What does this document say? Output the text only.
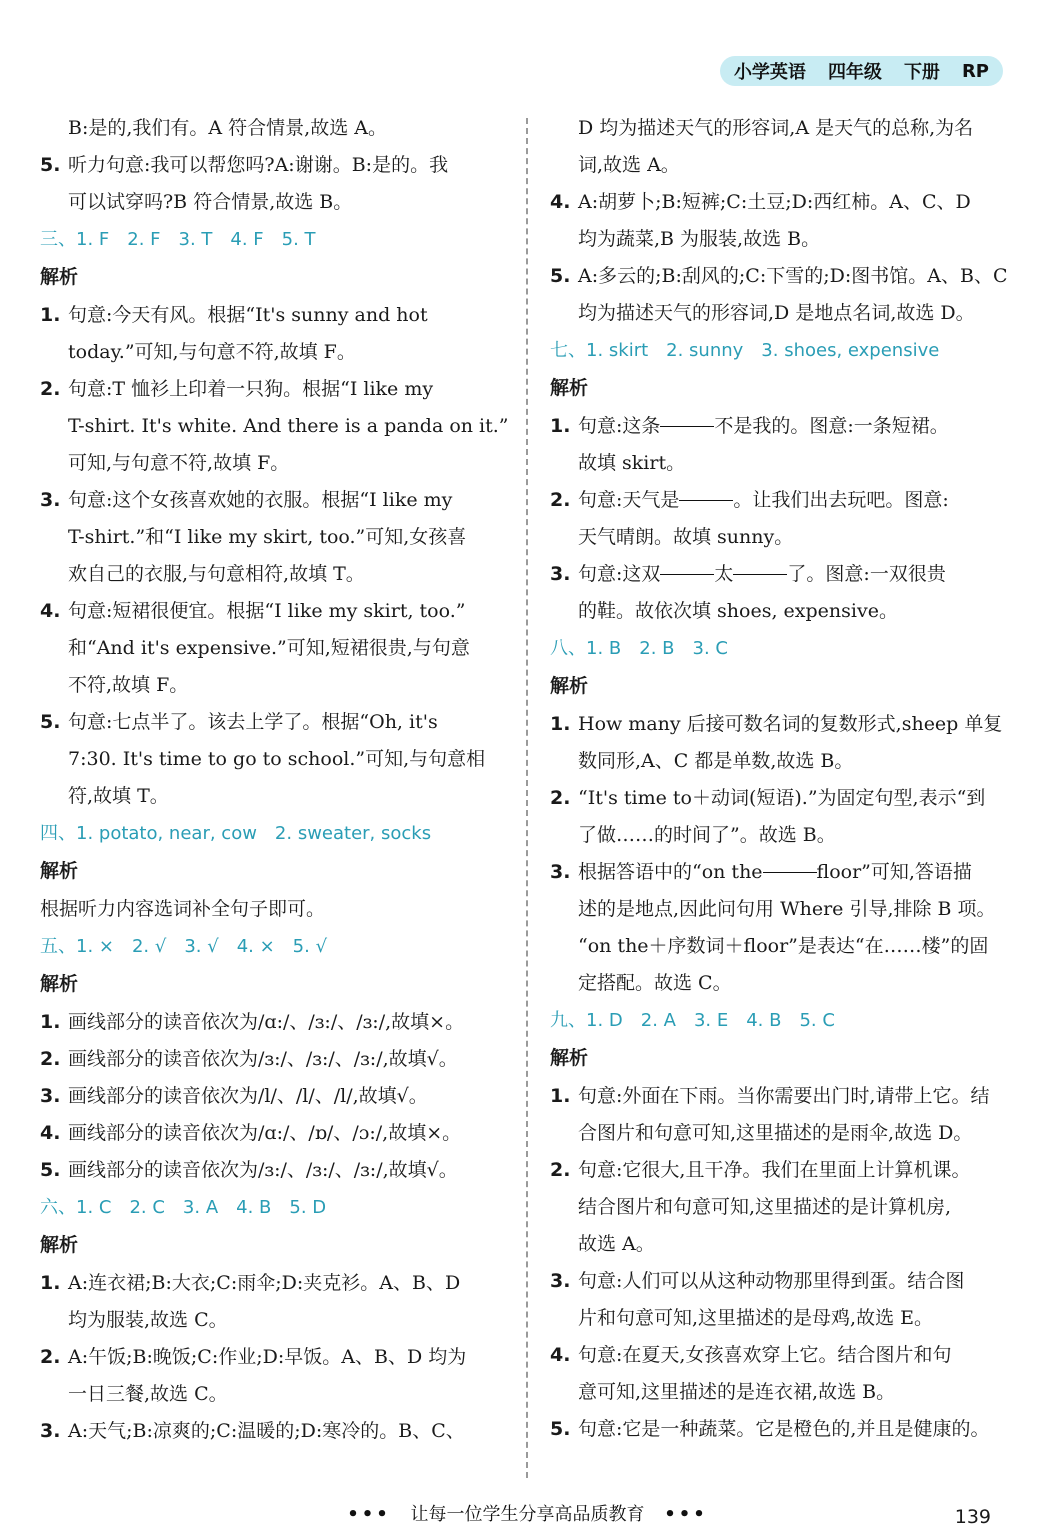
小学英语 四年级 下册 RP
B:是的,我们有。A 符合情景,故选 A。
5. 听力句意:我可以帮您吗?A:谢谢。B:是的。我
可以试穿吗?B 符合情景,故选 B。
三、1. F　2. F　3. T　4. F　5. T
解析
1. 句意:今天有风。根据“It's sunny and hot
today.”可知,与句意不符,故填 F。
2. 句意:T 恤衫上印着一只狗。根据“I like my
T-shirt. It's white. And there is a panda on it.”
可知,与句意不符,故填 F。
3. 句意:这个女孩喜欢她的衣服。根据“I like my
T-shirt.”和“I like my skirt, too.”可知,女孩喜
欢自己的衣服,与句意相符,故填 T。
4. 句意:短裙很便宜。根据“I like my skirt, too.”
和“And it's expensive.”可知,短裙很贵,与句意
不符,故填 F。
5. 句意:七点半了。该去上学了。根据“Oh, it's
7:30. It's time to go to school.”可知,与句意相
符,故填 T。
四、1. potato, near, cow　2. sweater, socks
解析
根据听力内容选词补全句子即可。
五、1. ×　2. √　3. √　4. ×　5. √
解析
1. 画线部分的读音依次为/ɑ:/、/ɜ:/、/ɜ:/,故填×。
2. 画线部分的读音依次为/ɜ:/、/ɜ:/、/ɜ:/,故填√。
3. 画线部分的读音依次为/l/、/l/、/l/,故填√。
4. 画线部分的读音依次为/ɑ:/、/ɒ/、/ɔ:/,故填×。
5. 画线部分的读音依次为/ɜ:/、/ɜ:/、/ɜ:/,故填√。
六、1. C　2. C　3. A　4. B　5. D
解析
1. A:连衣裙;B:大衣;C:雨伞;D:夹克衫。A、B、D
均为服装,故选 C。
2. A:午饭;B:晚饭;C:作业;D:早饭。A、B、D 均为
一日三餐,故选 C。
3. A:天气;B:凉爽的;C:温暖的;D:寒冷的。B、C、
D 均为描述天气的形容词,A 是天气的总称,为名
词,故选 A。
4. A:胡萝卜;B:短裤;C:土豆;D:西红柿。A、C、D
均为蔬菜,B 为服装,故选 B。
5. A:多云的;B:刮风的;C:下雪的;D:图书馆。A、B、C
均为描述天气的形容词,D 是地点名词,故选 D。
七、1. skirt　2. sunny　3. shoes, expensive
解析
1. 句意:这条	不是我的。图意:一条短裙。
故填 skirt。
2. 句意:天气是	。让我们出去玩吧。图意:
天气晴朗。故填 sunny。
3. 句意:这双	太	了。图意:一双很贵
的鞋。故依次填 shoes, expensive。
八、1. B　2. B　3. C
解析
1. How many 后接可数名词的复数形式,sheep 单复
数同形,A、C 都是单数,故选 B。
2. “It's time to＋动词(短语).”为固定句型,表示“到
了做……的时间了”。故选 B。
3. 根据答语中的“on the	floor”可知,答语描
述的是地点,因此问句用 Where 引导,排除 B 项。
“on the＋序数词＋floor”是表达“在……楼”的固
定搭配。故选 C。
九、1. D　2. A　3. E　4. B　5. C
解析
1. 句意:外面在下雨。当你需要出门时,请带上它。结
合图片和句意可知,这里描述的是雨伞,故选 D。
2. 句意:它很大,且干净。我们在里面上计算机课。
结合图片和句意可知,这里描述的是计算机房,
故选 A。
3. 句意:人们可以从这种动物那里得到蛋。结合图
片和句意可知,这里描述的是母鸡,故选 E。
4. 句意:在夏天,女孩喜欢穿上它。结合图片和句
意可知,这里描述的是连衣裙,故选 B。
5. 句意:它是一种蔬菜。它是橙色的,并且是健康的。
••• 让每一位学生分享高品质教育 •••	139
